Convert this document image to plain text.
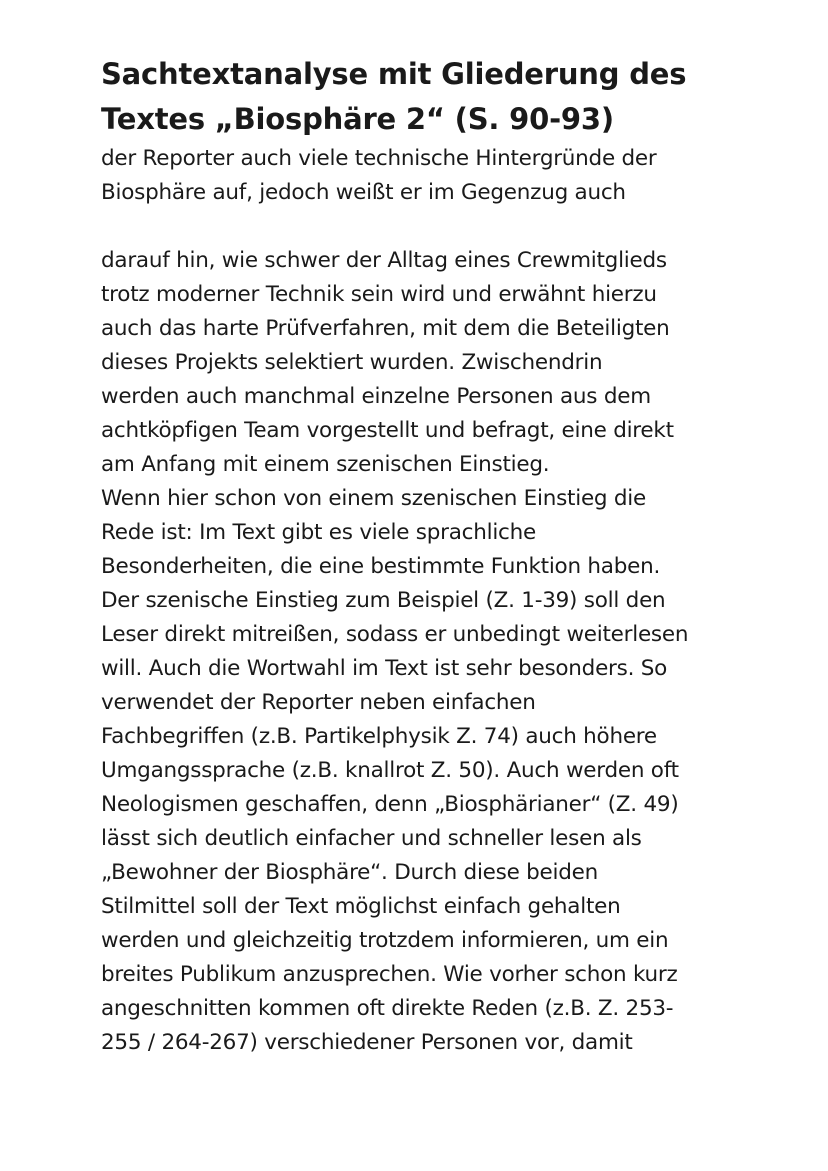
Sachtextanalyse mit Gliederung des
Textes „Biosphäre 2“ (S. 90-93)
der Reporter auch viele technische Hintergründe der
Biosphäre auf, jedoch weißt er im Gegenzug auch
darauf hin, wie schwer der Alltag eines Crewmitglieds
trotz moderner Technik sein wird und erwähnt hierzu
auch das harte Prüfverfahren, mit dem die Beteiligten
dieses Projekts selektiert wurden. Zwischendrin
werden auch manchmal einzelne Personen aus dem
achtköpfigen Team vorgestellt und befragt, eine direkt
am Anfang mit einem szenischen Einstieg.
Wenn hier schon von einem szenischen Einstieg die
Rede ist: Im Text gibt es viele sprachliche
Besonderheiten, die eine bestimmte Funktion haben.
Der szenische Einstieg zum Beispiel (Z. 1-39) soll den
Leser direkt mitreißen, sodass er unbedingt weiterlesen
will. Auch die Wortwahl im Text ist sehr besonders. So
verwendet der Reporter neben einfachen
Fachbegriffen (z.B. Partikelphysik Z. 74) auch höhere
Umgangssprache (z.B. knallrot Z. 50). Auch werden oft
Neologismen geschaffen, denn „Biosphärianer“ (Z. 49)
lässt sich deutlich einfacher und schneller lesen als
„Bewohner der Biosphäre“. Durch diese beiden
Stilmittel soll der Text möglichst einfach gehalten
werden und gleichzeitig trotzdem informieren, um ein
breites Publikum anzusprechen. Wie vorher schon kurz
angeschnitten kommen oft direkte Reden (z.B. Z. 253-
255 / 264-267) verschiedener Personen vor, damit
